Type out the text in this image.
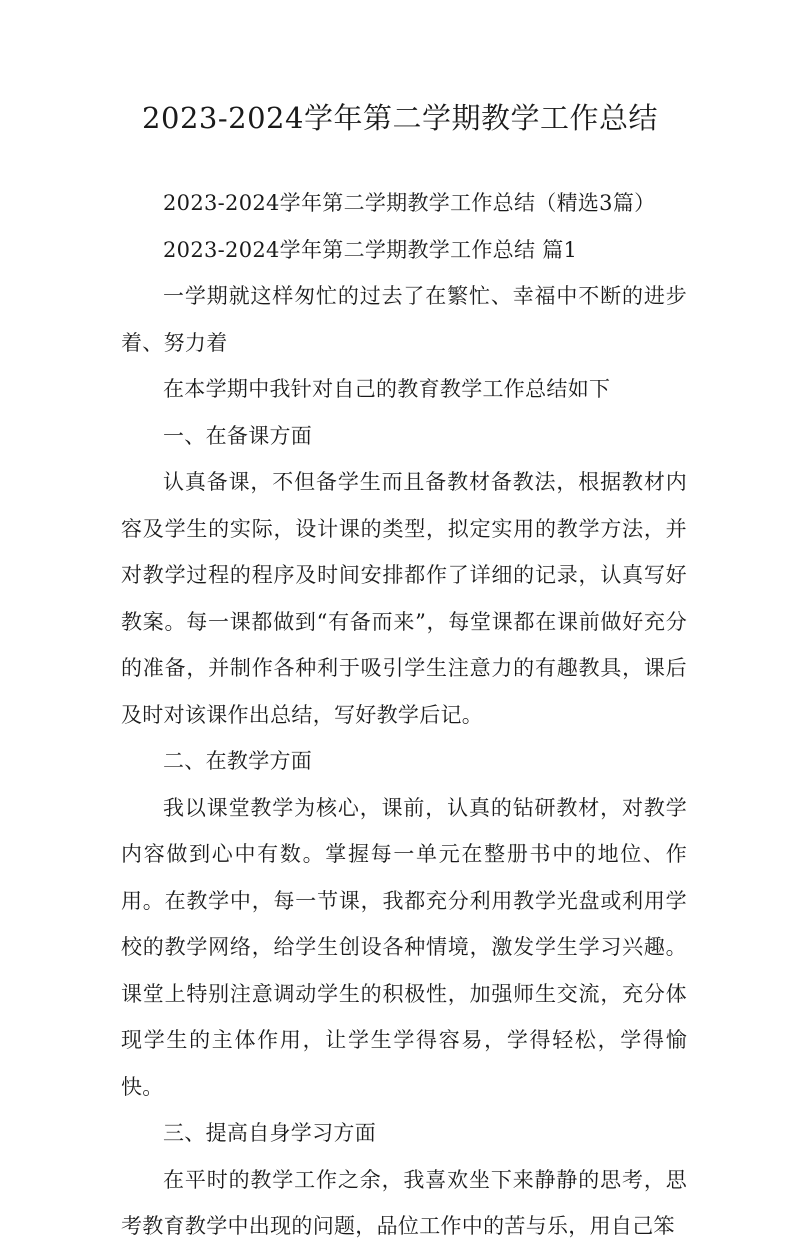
2023-2024学年第二学期教学工作总结

2023-2024学年第二学期教学工作总结（精选3篇）

2023-2024学年第二学期教学工作总结 篇1

一学期就这样匆忙的过去了在繁忙、幸福中不断的进步着、努力着

在本学期中我针对自己的教育教学工作总结如下

一、在备课方面

认真备课，不但备学生而且备教材备教法，根据教材内容及学生的实际，设计课的类型，拟定实用的教学方法，并对教学过程的程序及时间安排都作了详细的记录，认真写好教案。每一课都做到“有备而来”，每堂课都在课前做好充分的准备，并制作各种利于吸引学生注意力的有趣教具，课后及时对该课作出总结，写好教学后记。

二、在教学方面

我以课堂教学为核心，课前，认真的钻研教材，对教学内容做到心中有数。掌握每一单元在整册书中的地位、作用。在教学中，每一节课，我都充分利用教学光盘或利用学校的教学网络，给学生创设各种情境，激发学生学习兴趣。课堂上特别注意调动学生的积极性，加强师生交流，充分体现学生的主体作用，让学生学得容易，学得轻松，学得愉快。

三、提高自身学习方面

在平时的教学工作之余，我喜欢坐下来静静的思考，思考教育教学中出现的问题，品位工作中的苦与乐，用自己笨
